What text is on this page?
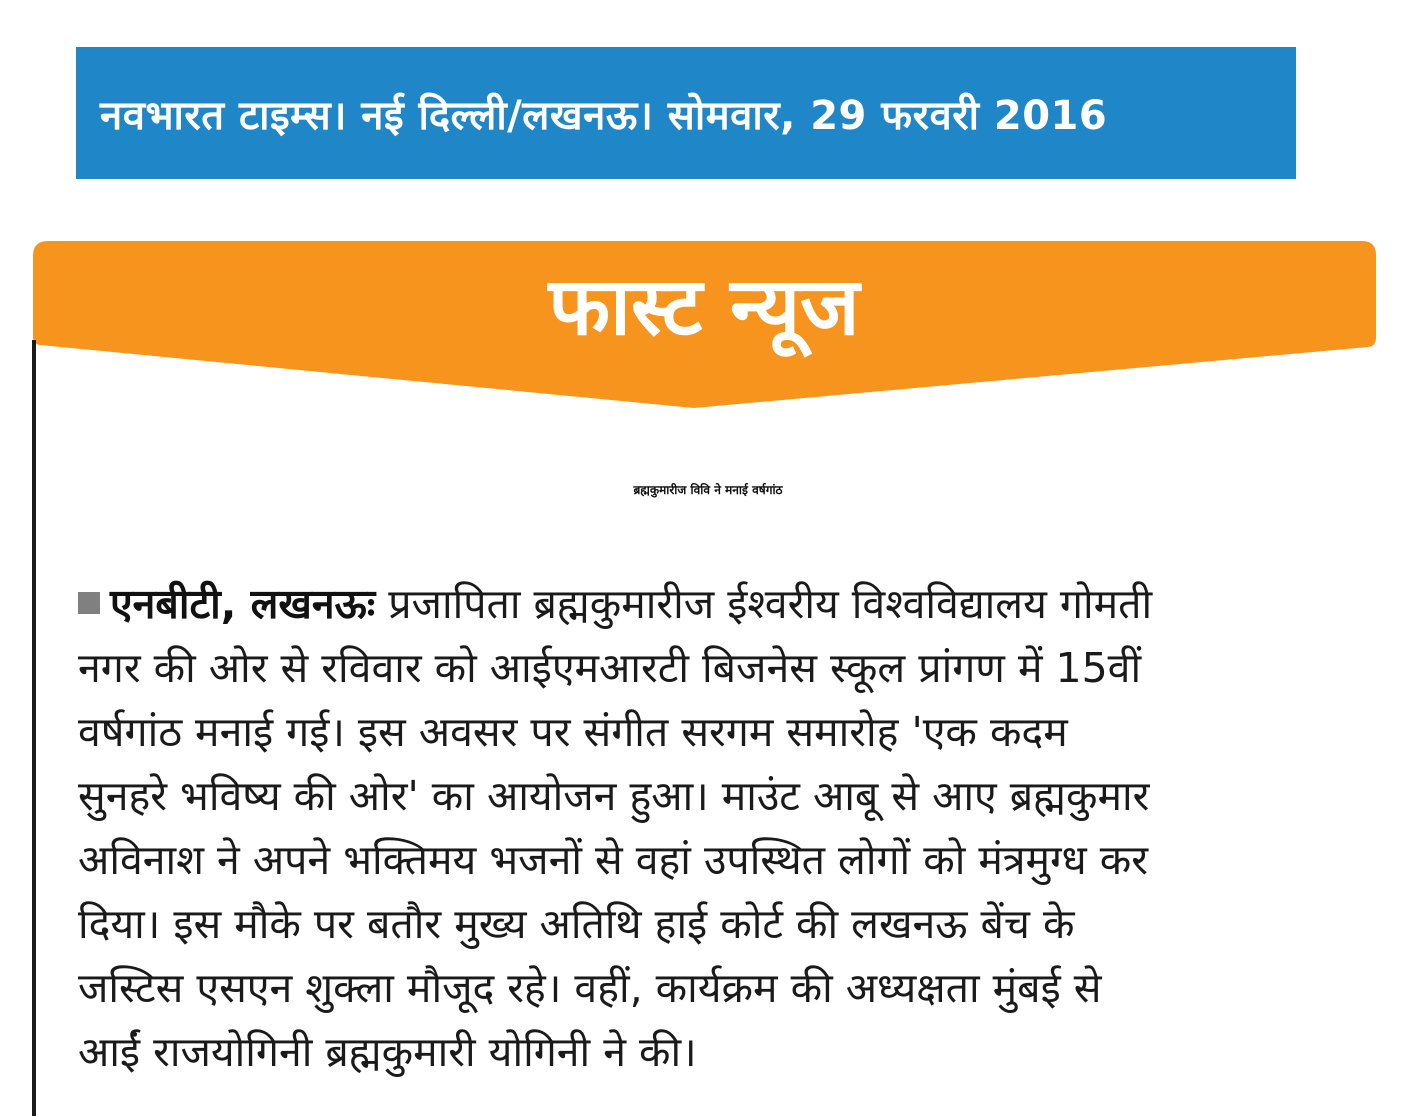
नवभारत टाइम्स। नई दिल्ली/लखनऊ। सोमवार, 29 फरवरी 2016
फास्ट न्यूज
ब्रह्मकुमारीज विवि ने मनाई वर्षगांठ
एनबीटी, लखनऊः प्रजापिता ब्रह्मकुमारीज ईश्वरीय विश्वविद्यालय गोमती
नगर की ओर से रविवार को आईएमआरटी बिजनेस स्कूल प्रांगण में 15वीं
वर्षगांठ मनाई गई। इस अवसर पर संगीत सरगम समारोह 'एक कदम
सुनहरे भविष्य की ओर' का आयोजन हुआ। माउंट आबू से आए ब्रह्मकुमार
अविनाश ने अपने भक्तिमय भजनों से वहां उपस्थित लोगों को मंत्रमुग्ध कर
दिया। इस मौके पर बतौर मुख्य अतिथि हाई कोर्ट की लखनऊ बेंच के
जस्टिस एसएन शुक्ला मौजूद रहे। वहीं, कार्यक्रम की अध्यक्षता मुंबई से
आईं राजयोगिनी ब्रह्मकुमारी योगिनी ने की।
